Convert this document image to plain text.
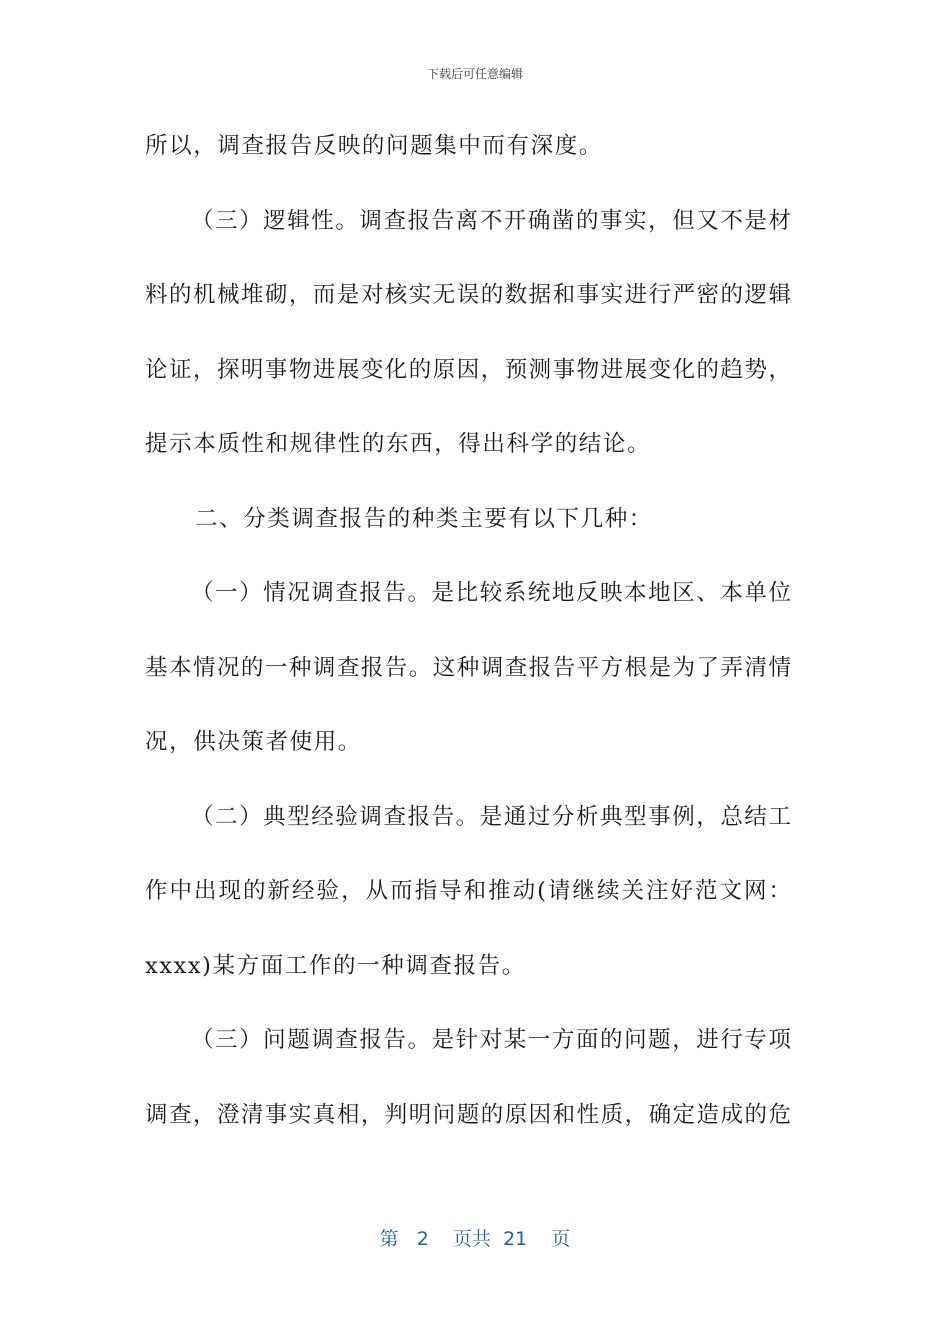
下载后可任意编辑
所以，调查报告反映的问题集中而有深度。
（三）逻辑性。调查报告离不开确凿的事实，但又不是材
料的机械堆砌，而是对核实无误的数据和事实进行严密的逻辑
论证，探明事物进展变化的原因，预测事物进展变化的趋势，
提示本质性和规律性的东西，得出科学的结论。
二、分类调查报告的种类主要有以下几种：
（一）情况调查报告。是比较系统地反映本地区、本单位
基本情况的一种调查报告。这种调查报告平方根是为了弄清情
况，供决策者使用。
（二）典型经验调查报告。是通过分析典型事例，总结工
作中出现的新经验，从而指导和推动(请继续关注好范文网：
xxxx)某方面工作的一种调查报告。
（三）问题调查报告。是针对某一方面的问题，进行专项
调查，澄清事实真相，判明问题的原因和性质，确定造成的危
第 2 页共 21 页
